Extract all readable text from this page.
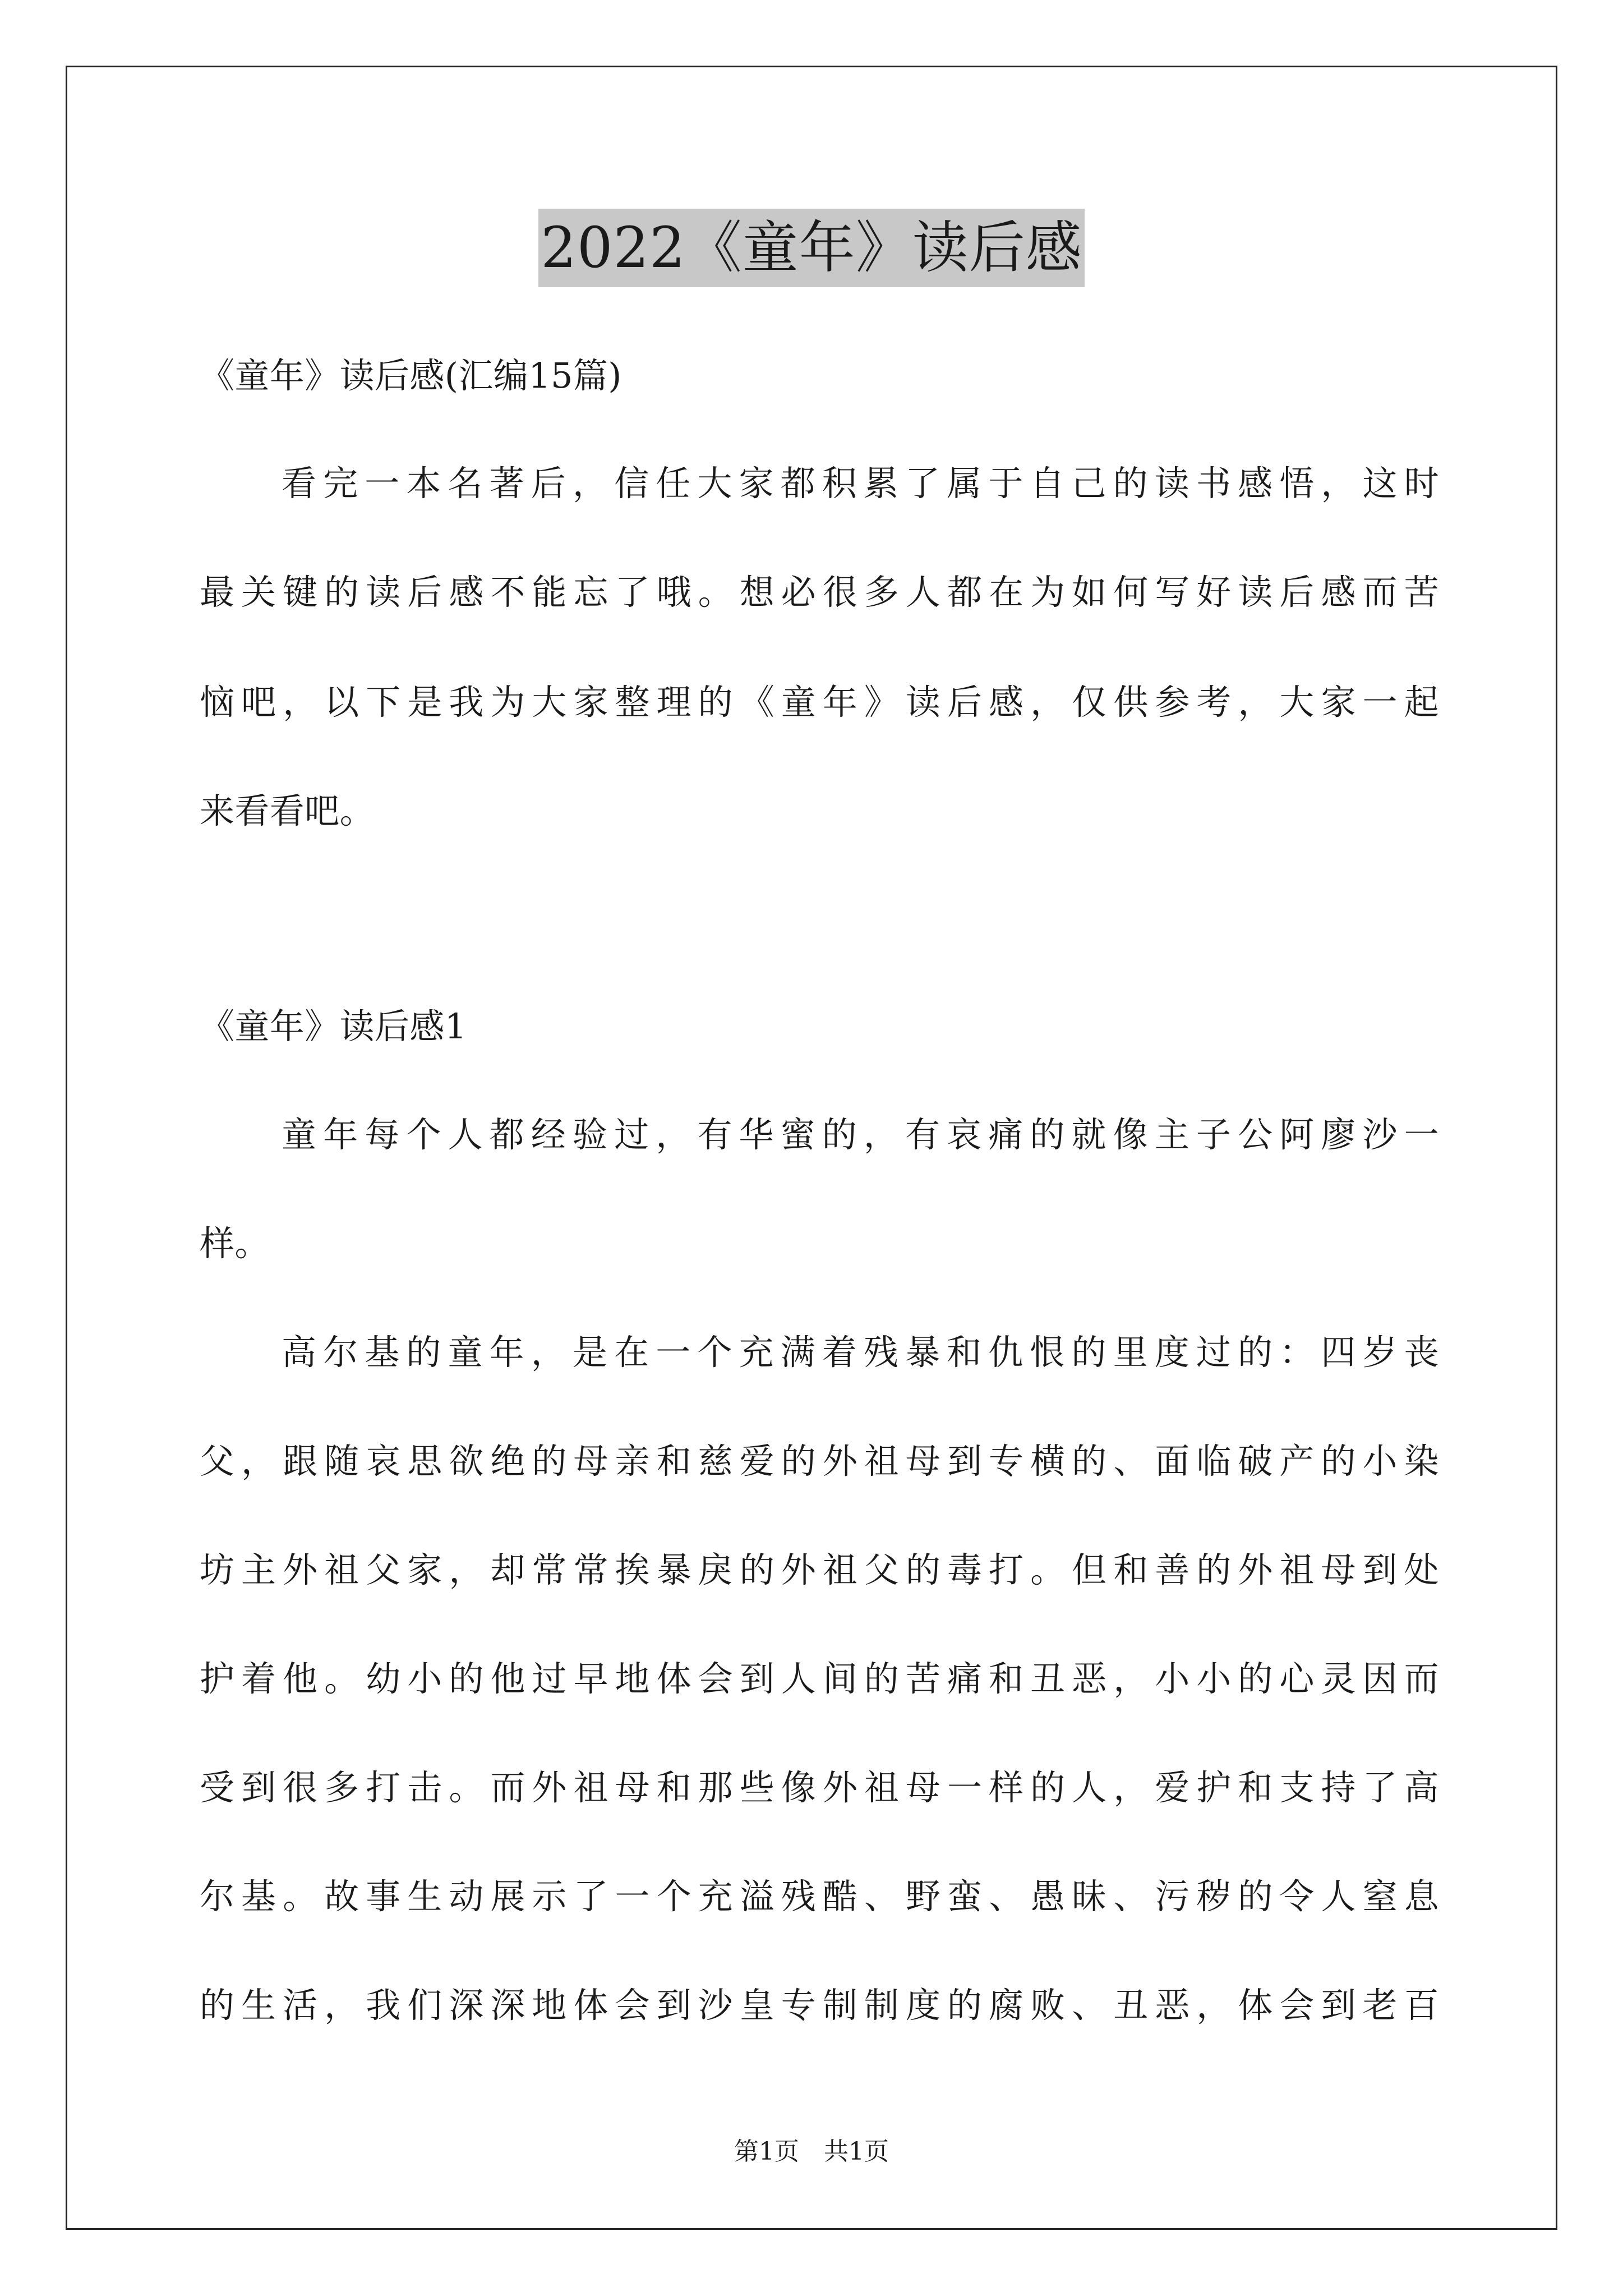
2022《童年》读后感
《童年》读后感(汇编15篇)
看完一本名著后，信任大家都积累了属于自己的读书感悟，这时
最关键的读后感不能忘了哦。想必很多人都在为如何写好读后感而苦
恼吧，以下是我为大家整理的《童年》读后感，仅供参考，大家一起
来看看吧。
《童年》读后感1
童年每个人都经验过，有华蜜的，有哀痛的就像主子公阿廖沙一
样。
高尔基的童年，是在一个充满着残暴和仇恨的里度过的：四岁丧
父，跟随哀思欲绝的母亲和慈爱的外祖母到专横的、面临破产的小染
坊主外祖父家，却常常挨暴戾的外祖父的毒打。但和善的外祖母到处
护着他。幼小的他过早地体会到人间的苦痛和丑恶，小小的心灵因而
受到很多打击。而外祖母和那些像外祖母一样的人，爱护和支持了高
尔基。故事生动展示了一个充溢残酷、野蛮、愚昧、污秽的令人窒息
的生活，我们深深地体会到沙皇专制制度的腐败、丑恶，体会到老百
第1页　共1页
